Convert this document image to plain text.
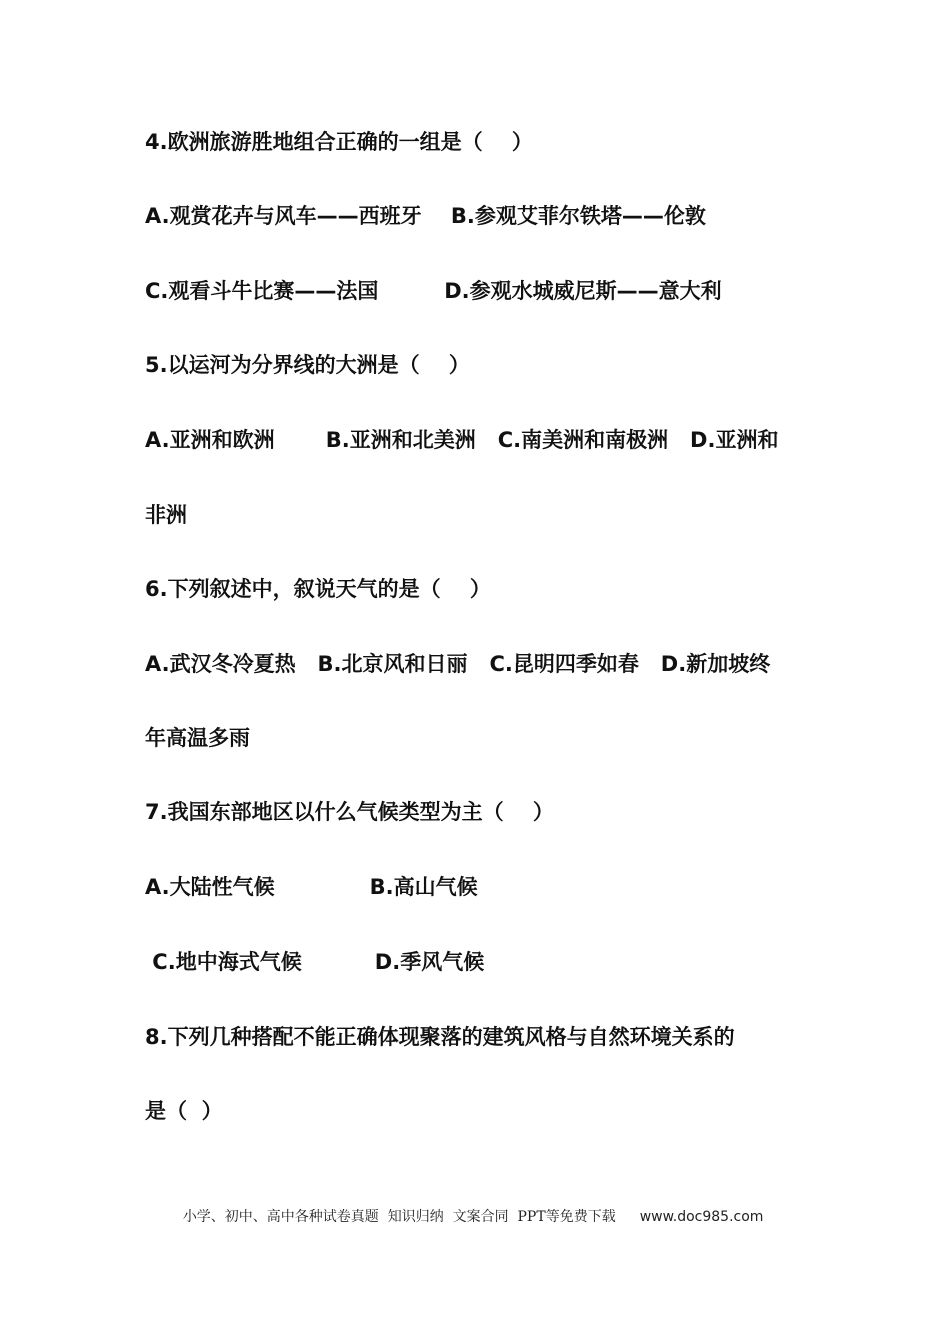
4.欧洲旅游胜地组合正确的一组是（    ）
A.观赏花卉与风车——西班牙    B.参观艾菲尔铁塔——伦敦
C.观看斗牛比赛——法国         D.参观水城威尼斯——意大利
5.以运河为分界线的大洲是（    ）
A.亚洲和欧洲       B.亚洲和北美洲   C.南美洲和南极洲   D.亚洲和
非洲
6.下列叙述中，叙说天气的是（    ）
A.武汉冬冷夏热   B.北京风和日丽   C.昆明四季如春   D.新加坡终
年高温多雨
7.我国东部地区以什么气候类型为主（    ）
A.大陆性气候             B.高山气候
C.地中海式气候          D.季风气候
8.下列几种搭配不能正确体现聚落的建筑风格与自然环境关系的
是（  ）

小学、初中、高中各种试卷真题  知识归纳  文案合同  PPT等免费下载 www.doc985.com
